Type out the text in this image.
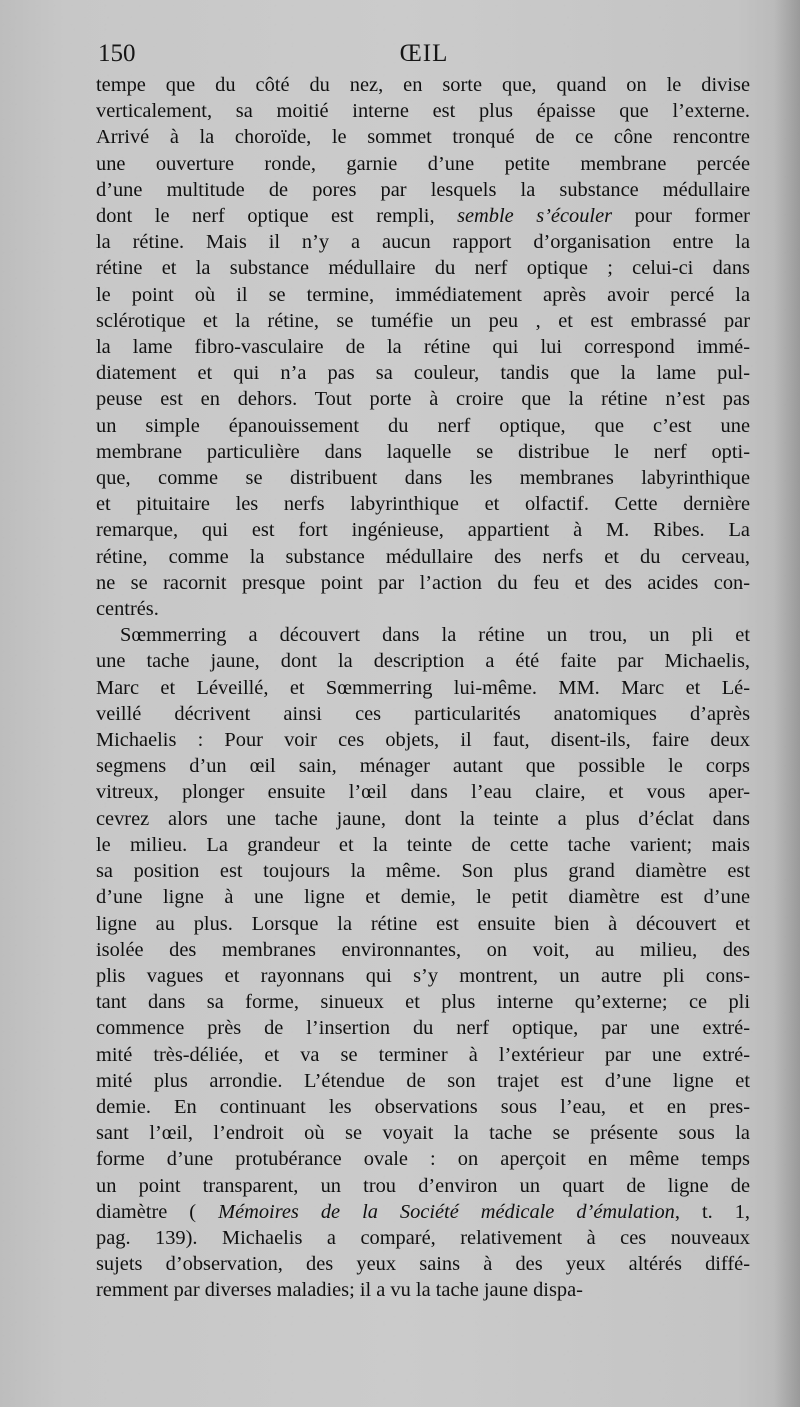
150	ŒIL
tempe que du côté du nez, en sorte que, quand on le divise
verticalement, sa moitié interne est plus épaisse que l’externe.
Arrivé à la choroïde, le sommet tronqué de ce cône rencontre
une ouverture ronde, garnie d’une petite membrane percée
d’une multitude de pores par lesquels la substance médullaire
dont le nerf optique est rempli, semble s’écouler pour former
la rétine. Mais il n’y a aucun rapport d’organisation entre la
rétine et la substance médullaire du nerf optique ; celui-ci dans
le point où il se termine, immédiatement après avoir percé la
sclérotique et la rétine, se tuméfie un peu , et est embrassé par
la lame fibro-vasculaire de la rétine qui lui correspond immé-
diatement et qui n’a pas sa couleur, tandis que la lame pul-
peuse est en dehors. Tout porte à croire que la rétine n’est pas
un simple épanouissement du nerf optique, que c’est une
membrane particulière dans laquelle se distribue le nerf opti-
que, comme se distribuent dans les membranes labyrinthique
et pituitaire les nerfs labyrinthique et olfactif. Cette dernière
remarque, qui est fort ingénieuse, appartient à M. Ribes. La
rétine, comme la substance médullaire des nerfs et du cerveau,
ne se racornit presque point par l’action du feu et des acides con-
centrés.
Sœmmerring a découvert dans la rétine un trou, un pli et
une tache jaune, dont la description a été faite par Michaelis,
Marc et Léveillé, et Sœmmerring lui-même. MM. Marc et Lé-
veillé décrivent ainsi ces particularités anatomiques d’après
Michaelis : Pour voir ces objets, il faut, disent-ils, faire deux
segmens d’un œil sain, ménager autant que possible le corps
vitreux, plonger ensuite l’œil dans l’eau claire, et vous aper-
cevrez alors une tache jaune, dont la teinte a plus d’éclat dans
le milieu. La grandeur et la teinte de cette tache varient; mais
sa position est toujours la même. Son plus grand diamètre est
d’une ligne à une ligne et demie, le petit diamètre est d’une
ligne au plus. Lorsque la rétine est ensuite bien à découvert et
isolée des membranes environnantes, on voit, au milieu, des
plis vagues et rayonnans qui s’y montrent, un autre pli cons-
tant dans sa forme, sinueux et plus interne qu’externe; ce pli
commence près de l’insertion du nerf optique, par une extré-
mité très-déliée, et va se terminer à l’extérieur par une extré-
mité plus arrondie. L’étendue de son trajet est d’une ligne et
demie. En continuant les observations sous l’eau, et en pres-
sant l’œil, l’endroit où se voyait la tache se présente sous la
forme d’une protubérance ovale : on aperçoit en même temps
un point transparent, un trou d’environ un quart de ligne de
diamètre ( Mémoires de la Société médicale d’émulation, t. 1,
pag. 139). Michaelis a comparé, relativement à ces nouveaux
sujets d’observation, des yeux sains à des yeux altérés diffé-
remment par diverses maladies; il a vu la tache jaune dispa-
